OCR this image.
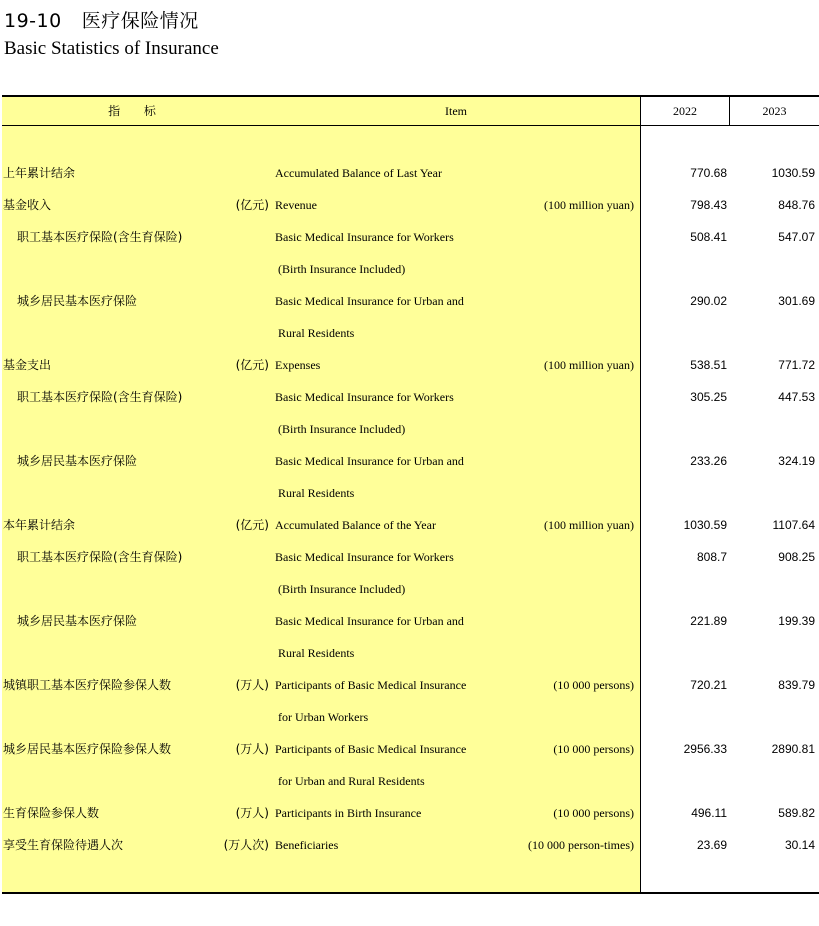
19-10 医疗保险情况
Basic Statistics of Insurance
指 标	Item	2022	2023
上年累计结余	Accumulated Balance of Last Year	770.68	1030.59
基金收入	(亿元) Revenue	(100 million yuan)	798.43	848.76
职工基本医疗保险(含生育保险)	Basic Medical Insurance for Workers	508.41	547.07
(Birth Insurance Included)
城乡居民基本医疗保险	Basic Medical Insurance for Urban and	290.02	301.69
Rural Residents
基金支出	(亿元) Expenses	(100 million yuan)	538.51	771.72
职工基本医疗保险(含生育保险)	Basic Medical Insurance for Workers	305.25	447.53
(Birth Insurance Included)
城乡居民基本医疗保险	Basic Medical Insurance for Urban and	233.26	324.19
Rural Residents
本年累计结余	(亿元) Accumulated Balance of the Year	(100 million yuan)	1030.59	1107.64
职工基本医疗保险(含生育保险)	Basic Medical Insurance for Workers	808.7	908.25
(Birth Insurance Included)
城乡居民基本医疗保险	Basic Medical Insurance for Urban and	221.89	199.39
Rural Residents
城镇职工基本医疗保险参保人数	(万人) Participants of Basic Medical Insurance	(10 000 persons)	720.21	839.79
for Urban Workers
城乡居民基本医疗保险参保人数	(万人) Participants of Basic Medical Insurance	(10 000 persons)	2956.33	2890.81
for Urban and Rural Residents
生育保险参保人数	(万人) Participants in Birth Insurance	(10 000 persons)	496.11	589.82
享受生育保险待遇人次	(万人次) Beneficiaries	(10 000 person-times)	23.69	30.14
